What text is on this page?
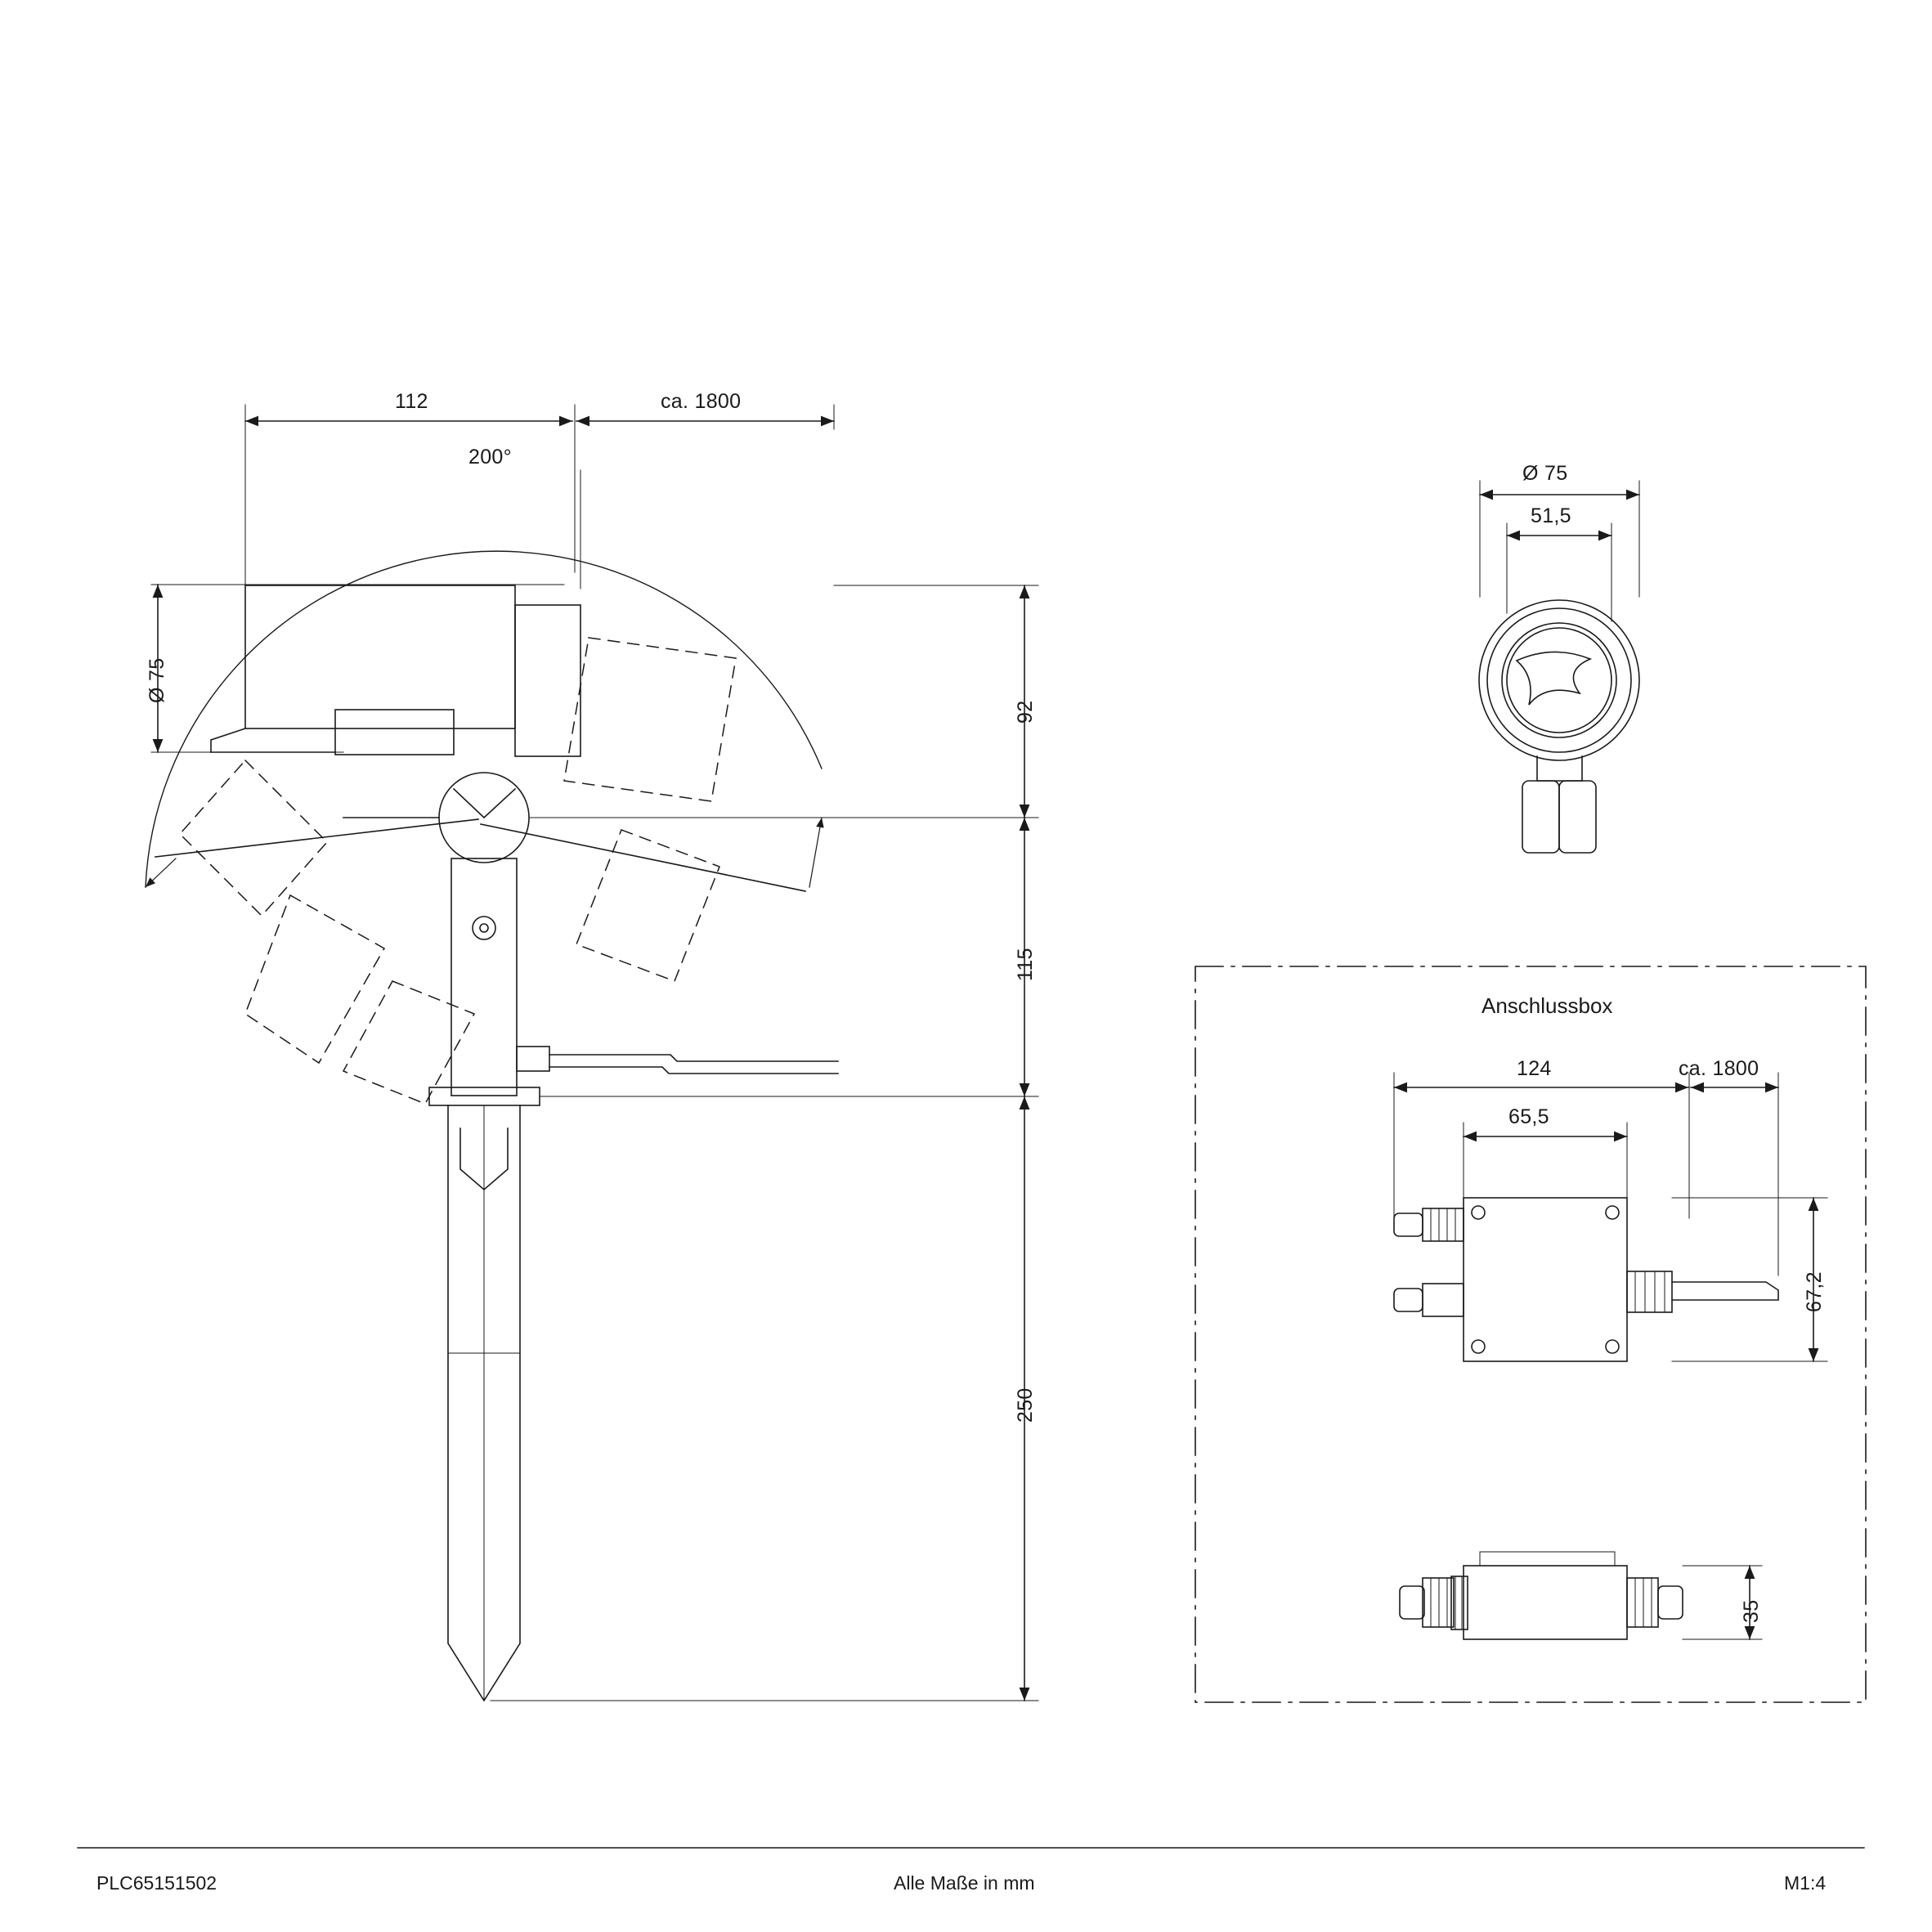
112	ca. 1800
200°
Ø 75
92
115
250
Ø 75
51,5
Anschlussbox
124	ca. 1800
65,5
67,2
35
PLC65151502	Alle Maße in mm	M1:4
